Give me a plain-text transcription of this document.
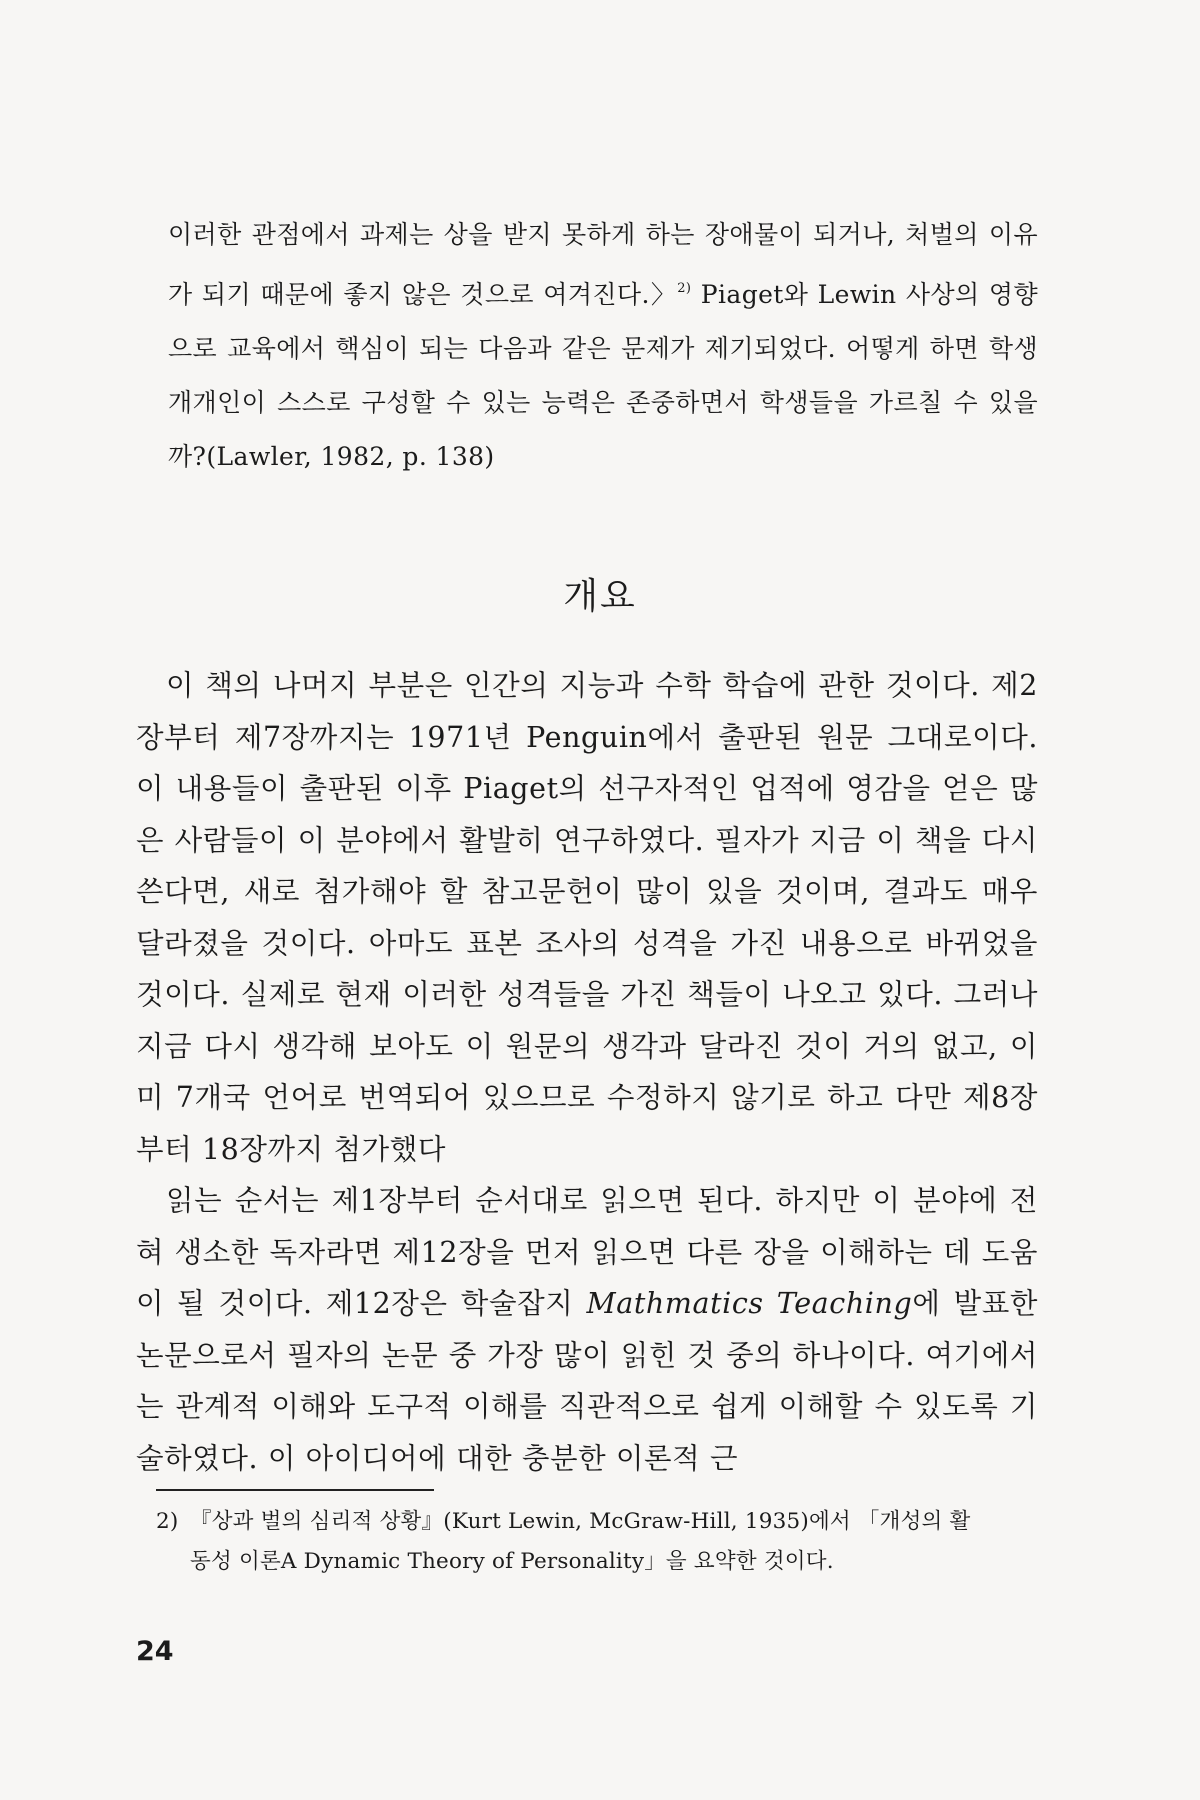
이러한 관점에서 과제는 상을 받지 못하게 하는 장애물이 되거나, 처벌의 이유가 되기 때문에 좋지 않은 것으로 여겨진다.〉$^{2)}$ Piaget와 Lewin 사상의 영향으로 교육에서 핵심이 되는 다음과 같은 문제가 제기되었다. 어떻게 하면 학생 개개인이 스스로 구성할 수 있는 능력은 존중하면서 학생들을 가르칠 수 있을까?(Lawler, 1982, p. 138)

개요

이 책의 나머지 부분은 인간의 지능과 수학 학습에 관한 것이다. 제2장부터 제7장까지는 1971년 Penguin에서 출판된 원문 그대로이다. 이 내용들이 출판된 이후 Piaget의 선구자적인 업적에 영감을 얻은 많은 사람들이 이 분야에서 활발히 연구하였다. 필자가 지금 이 책을 다시 쓴다면, 새로 첨가해야 할 참고문헌이 많이 있을 것이며, 결과도 매우 달라졌을 것이다. 아마도 표본 조사의 성격을 가진 내용으로 바뀌었을 것이다. 실제로 현재 이러한 성격들을 가진 책들이 나오고 있다. 그러나 지금 다시 생각해 보아도 이 원문의 생각과 달라진 것이 거의 없고, 이미 7개국 언어로 번역되어 있으므로 수정하지 않기로 하고 다만 제8장부터 18장까지 첨가했다

읽는 순서는 제1장부터 순서대로 읽으면 된다. 하지만 이 분야에 전혀 생소한 독자라면 제12장을 먼저 읽으면 다른 장을 이해하는 데 도움이 될 것이다. 제12장은 학술잡지 Mathmatics Teaching에 발표한 논문으로서 필자의 논문 중 가장 많이 읽힌 것 중의 하나이다. 여기에서는 관계적 이해와 도구적 이해를 직관적으로 쉽게 이해할 수 있도록 기술하였다. 이 아이디어에 대한 충분한 이론적 근

2) 『상과 벌의 심리적 상황』(Kurt Lewin, McGraw-Hill, 1935)에서 「개성의 활
동성 이론A Dynamic Theory of Personality」을 요약한 것이다.
24
